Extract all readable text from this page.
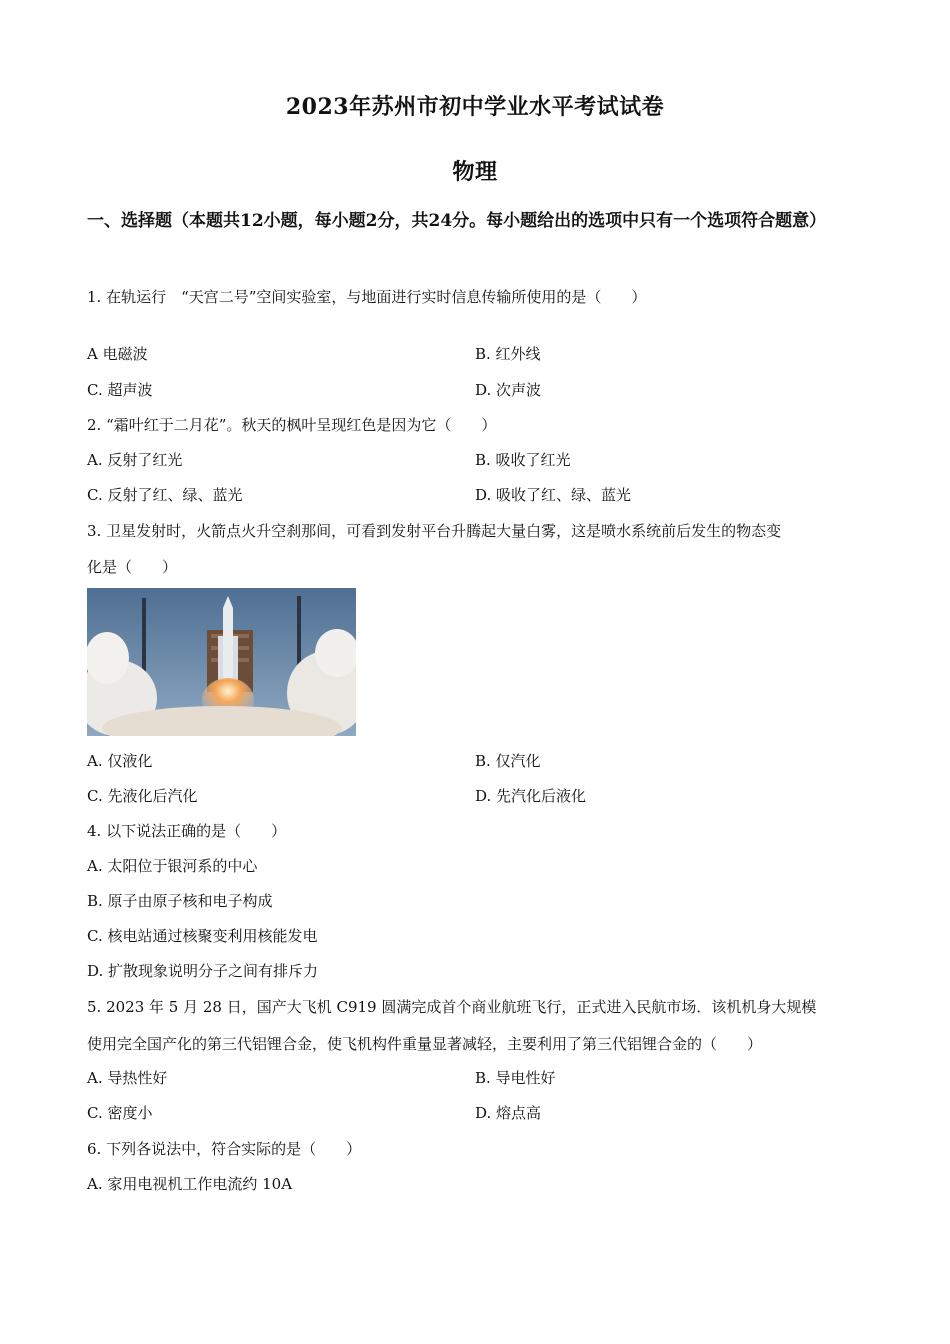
2023年苏州市初中学业水平考试试卷
物理
一、选择题（本题共12小题，每小题2分，共24分。每小题给出的选项中只有一个选项符合题意）
1. 在轨运行　“天宫二号”空间实验室，与地面进行实时信息传输所使用的是（　　）
A 电磁波	B. 红外线
C. 超声波	D. 次声波
2. “霜叶红于二月花”。秋天的枫叶呈现红色是因为它（　　）
A. 反射了红光	B. 吸收了红光
C. 反射了红、绿、蓝光	D. 吸收了红、绿、蓝光
3. 卫星发射时，火箭点火升空刹那间，可看到发射平台升腾起大量白雾，这是喷水系统前后发生的物态变
化是（　　）
A. 仅液化	B. 仅汽化
C. 先液化后汽化	D. 先汽化后液化
4. 以下说法正确的是（　　）
A. 太阳位于银河系的中心
B. 原子由原子核和电子构成
C. 核电站通过核聚变利用核能发电
D. 扩散现象说明分子之间有排斥力
5. 2023 年 5 月 28 日，国产大飞机 C919 圆满完成首个商业航班飞行，正式进入民航市场．该机机身大规模
使用完全国产化的第三代铝锂合金，使飞机构件重量显著减轻，主要利用了第三代铝锂合金的（　　）
A. 导热性好	B. 导电性好
C. 密度小	D. 熔点高
6. 下列各说法中，符合实际的是（　　）
A. 家用电视机工作电流约 10A
